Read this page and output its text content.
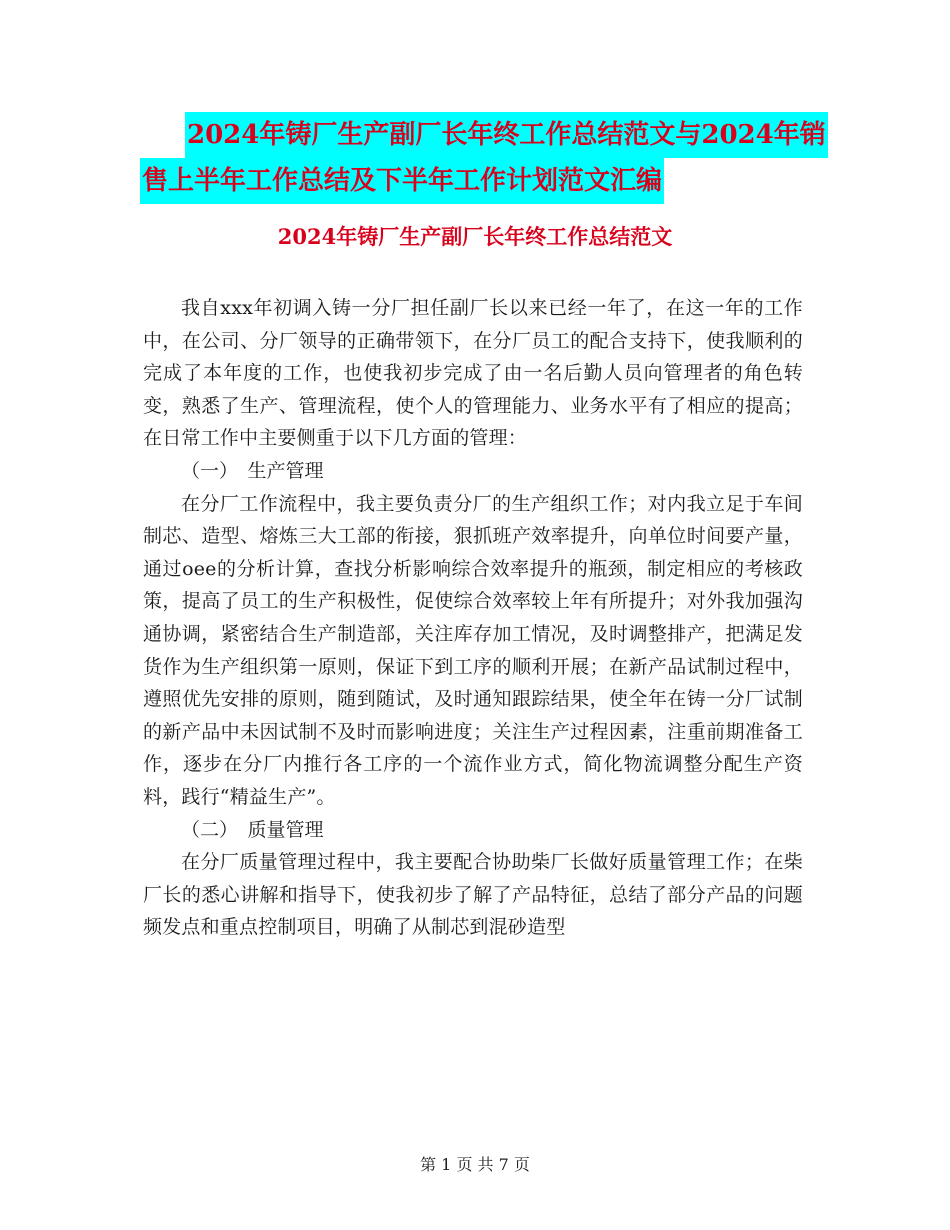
2024年铸厂生产副厂长年终工作总结范文与2024年销
售上半年工作总结及下半年工作计划范文汇编
2024年铸厂生产副厂长年终工作总结范文

我自xxx年初调入铸一分厂担任副厂长以来已经一年了，在这一年的工作中，在公司、分厂领导的正确带领下，在分厂员工的配合支持下，使我顺利的完成了本年度的工作，也使我初步完成了由一名后勤人员向管理者的角色转变，熟悉了生产、管理流程，使个人的管理能力、业务水平有了相应的提高；在日常工作中主要侧重于以下几方面的管理：

（一）　生产管理

在分厂工作流程中，我主要负责分厂的生产组织工作；对内我立足于车间制芯、造型、熔炼三大工部的衔接，狠抓班产效率提升，向单位时间要产量，通过oee的分析计算，查找分析影响综合效率提升的瓶颈，制定相应的考核政策，提高了员工的生产积极性，促使综合效率较上年有所提升；对外我加强沟通协调，紧密结合生产制造部，关注库存加工情况，及时调整排产，把满足发货作为生产组织第一原则，保证下到工序的顺利开展；在新产品试制过程中，遵照优先安排的原则，随到随试，及时通知跟踪结果，使全年在铸一分厂试制的新产品中未因试制不及时而影响进度；关注生产过程因素，注重前期准备工作，逐步在分厂内推行各工序的一个流作业方式，简化物流调整分配生产资料，践行“精益生产”。

（二）　质量管理

在分厂质量管理过程中，我主要配合协助柴厂长做好质量管理工作；在柴厂长的悉心讲解和指导下，使我初步了解了产品特征，总结了部分产品的问题频发点和重点控制项目，明确了从制芯到混砂造型

第 1 页 共 7 页
